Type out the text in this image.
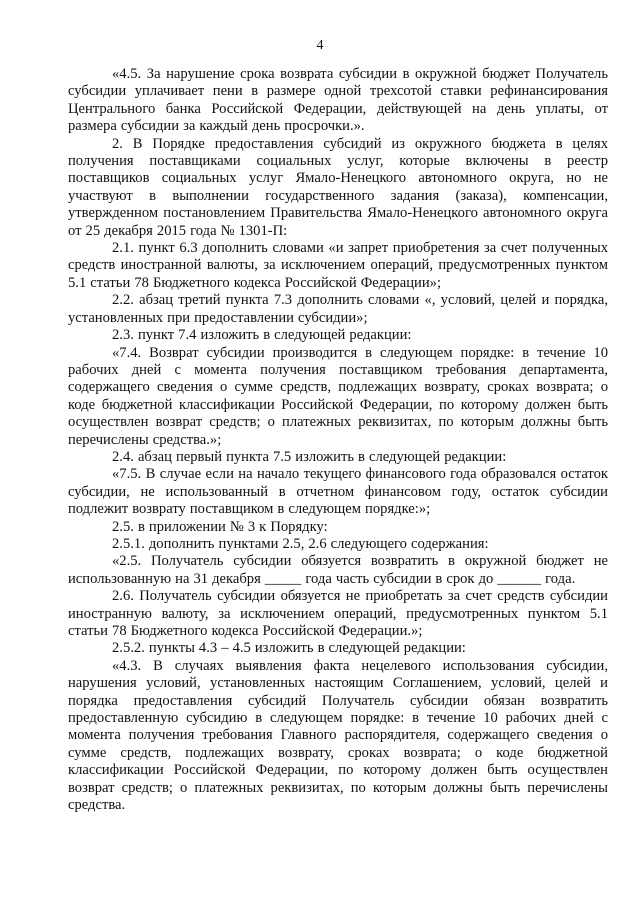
4

«4.5. За нарушение срока возврата субсидии в окружной бюджет Получатель субсидии уплачивает пени в размере одной трехсотой ставки рефинансирования Центрального банка Российской Федерации, действующей на день уплаты, от размера субсидии за каждый день просрочки.».

2. В Порядке предоставления субсидий из окружного бюджета в целях получения поставщиками социальных услуг, которые включены в реестр поставщиков социальных услуг Ямало-Ненецкого автономного округа, но не участвуют в выполнении государственного задания (заказа), компенсации, утвержденном постановлением Правительства Ямало-Ненецкого автономного округа от 25 декабря 2015 года № 1301-П:

2.1. пункт 6.3 дополнить словами «и запрет приобретения за счет полученных средств иностранной валюты, за исключением операций, предусмотренных пунктом 5.1 статьи 78 Бюджетного кодекса Российской Федерации»;

2.2. абзац третий пункта 7.3 дополнить словами «, условий, целей и порядка, установленных при предоставлении субсидии»;

2.3. пункт 7.4 изложить в следующей редакции:

«7.4. Возврат субсидии производится в следующем порядке: в течение 10 рабочих дней с момента получения поставщиком требования департамента, содержащего сведения о сумме средств, подлежащих возврату, сроках возврата; о коде бюджетной классификации Российской Федерации, по которому должен быть осуществлен возврат средств; о платежных реквизитах, по которым должны быть перечислены средства.»;

2.4. абзац первый пункта 7.5 изложить в следующей редакции:

«7.5. В случае если на начало текущего финансового года образовался остаток субсидии, не использованный в отчетном финансовом году, остаток субсидии подлежит возврату поставщиком в следующем порядке:»;

2.5. в приложении № 3 к Порядку:

2.5.1. дополнить пунктами 2.5, 2.6 следующего содержания:

«2.5. Получатель субсидии обязуется возвратить в окружной бюджет не использованную на 31 декабря _____ года часть субсидии в срок до ______ года.

2.6. Получатель субсидии обязуется не приобретать за счет средств субсидии иностранную валюту, за исключением операций, предусмотренных пунктом 5.1 статьи 78 Бюджетного кодекса Российской Федерации.»;

2.5.2. пункты 4.3 – 4.5 изложить в следующей редакции:

«4.3. В случаях выявления факта нецелевого использования субсидии, нарушения условий, установленных настоящим Соглашением, условий, целей и порядка предоставления субсидий Получатель субсидии обязан возвратить предоставленную субсидию в следующем порядке: в течение 10 рабочих дней с момента получения требования Главного распорядителя, содержащего сведения о сумме средств, подлежащих возврату, сроках возврата; о коде бюджетной классификации Российской Федерации, по которому должен быть осуществлен возврат средств; о платежных реквизитах, по которым должны быть перечислены средства.
